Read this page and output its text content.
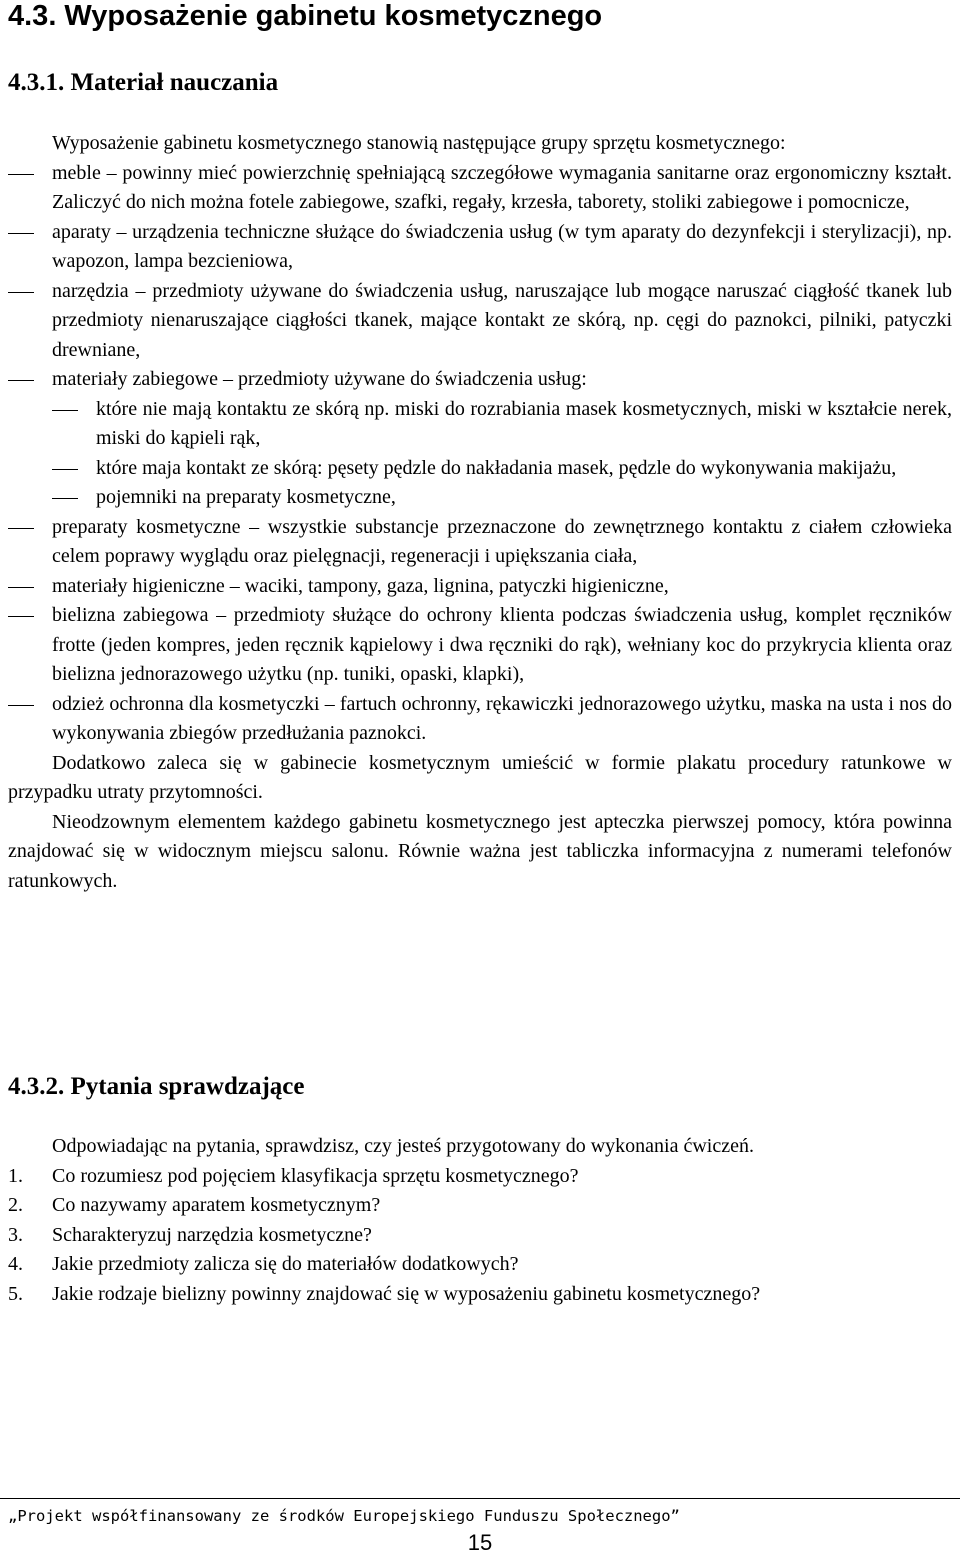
4.3. Wyposażenie gabinetu kosmetycznego
4.3.1. Materiał nauczania

Wyposażenie gabinetu kosmetycznego stanowią następujące grupy sprzętu kosmetycznego:

meble – powinny mieć powierzchnię spełniającą szczegółowe wymagania sanitarne oraz ergonomiczny kształt. Zaliczyć do nich można fotele zabiegowe, szafki, regały, krzesła, taborety, stoliki zabiegowe i pomocnicze,
aparaty – urządzenia techniczne służące do świadczenia usług (w tym aparaty do dezynfekcji i sterylizacji), np. wapozon, lampa bezcieniowa,
narzędzia – przedmioty używane do świadczenia usług, naruszające lub mogące naruszać ciągłość tkanek lub przedmioty nienaruszające ciągłości tkanek, mające kontakt ze skórą, np. cęgi do paznokci, pilniki, patyczki drewniane,
materiały zabiegowe – przedmioty używane do świadczenia usług:
które nie mają kontaktu ze skórą np. miski do rozrabiania masek kosmetycznych, miski w kształcie nerek, miski do kąpieli rąk,
które maja kontakt ze skórą: pęsety pędzle do nakładania masek, pędzle do wykonywania makijażu,
pojemniki na preparaty kosmetyczne,
preparaty kosmetyczne – wszystkie substancje przeznaczone do zewnętrznego kontaktu z ciałem człowieka celem poprawy wyglądu oraz pielęgnacji, regeneracji i upiększania ciała,
materiały higieniczne – waciki, tampony, gaza, lignina, patyczki higieniczne,
bielizna zabiegowa – przedmioty służące do ochrony klienta podczas świadczenia usług, komplet ręczników frotte (jeden kompres, jeden ręcznik kąpielowy i dwa ręczniki do rąk), wełniany koc do przykrycia klienta oraz bielizna jednorazowego użytku (np. tuniki, opaski, klapki),
odzież ochronna dla kosmetyczki – fartuch ochronny, rękawiczki jednorazowego użytku, maska na usta i nos do wykonywania zbiegów przedłużania paznokci.

Dodatkowo zaleca się w gabinecie kosmetycznym umieścić w formie plakatu procedury ratunkowe w przypadku utraty przytomności.

Nieodzownym elementem każdego gabinetu kosmetycznego jest apteczka pierwszej pomocy, która powinna znajdować się w widocznym miejscu salonu. Równie ważna jest tabliczka informacyjna z numerami telefonów ratunkowych.

4.3.2. Pytania sprawdzające

Odpowiadając na pytania, sprawdzisz, czy jesteś przygotowany do wykonania ćwiczeń.

1. Co rozumiesz pod pojęciem klasyfikacja sprzętu kosmetycznego?
2. Co nazywamy aparatem kosmetycznym?
3. Scharakteryzuj narzędzia kosmetyczne?
4. Jakie przedmioty zalicza się do materiałów dodatkowych?
5. Jakie rodzaje bielizny powinny znajdować się w wyposażeniu gabinetu kosmetycznego?
„Projekt współfinansowany ze środków Europejskiego Funduszu Społecznego”
15
